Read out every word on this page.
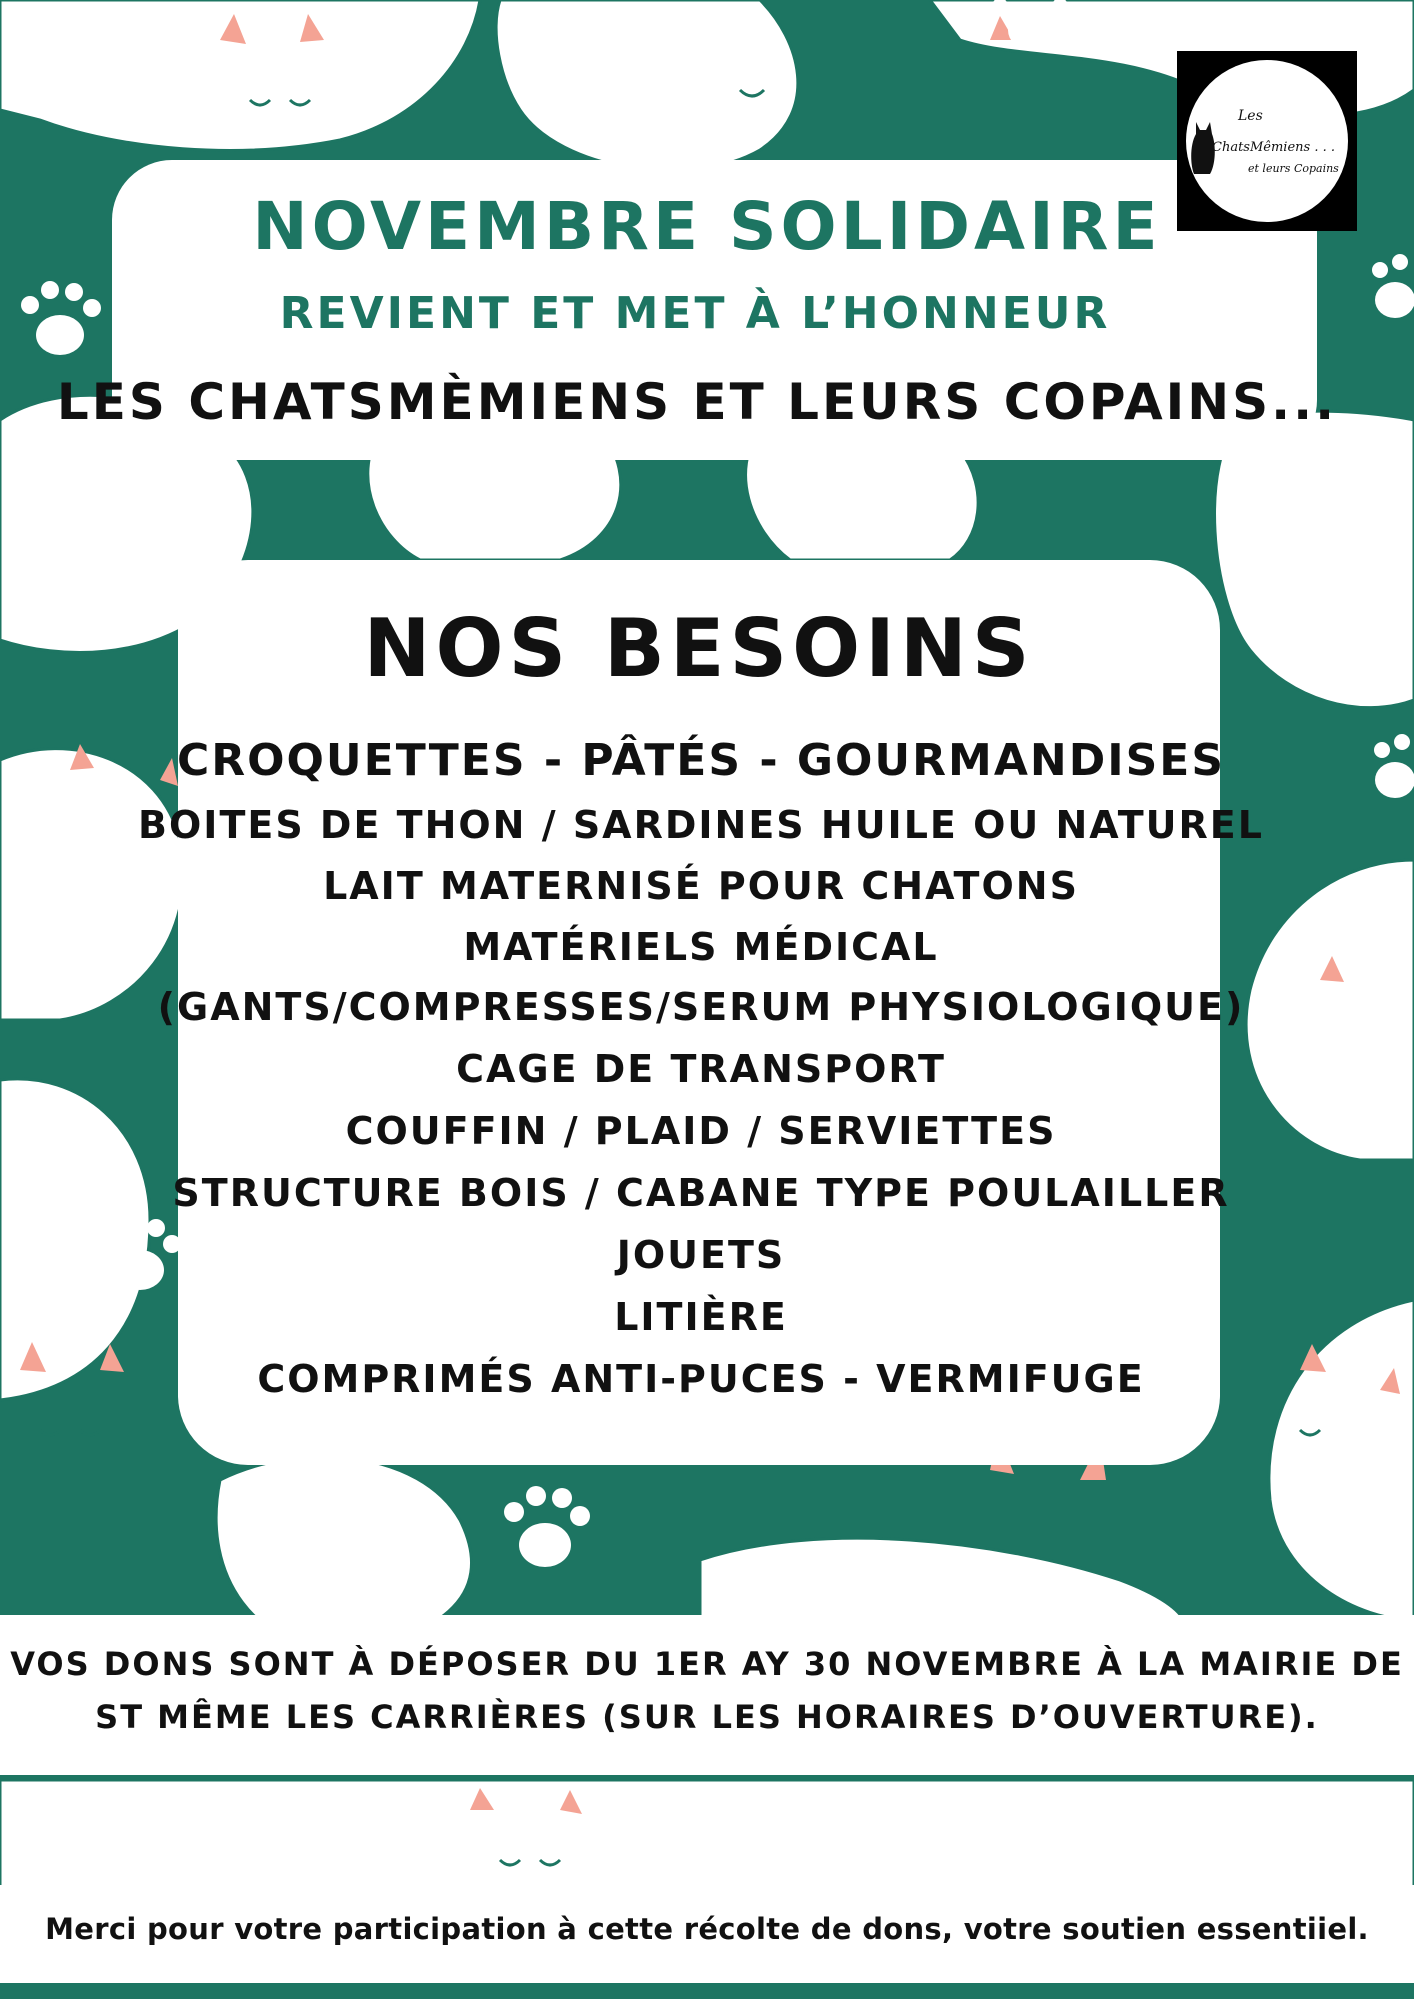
Les
ChatsMêmiens . . .
et leurs Copains
NOVEMBRE SOLIDAIRE
REVIENT ET MET À L’HONNEUR
LES CHATSMÈMIENS ET LEURS COPAINS...
NOS BESOINS

CROQUETTES - PÂTÉS - GOURMANDISES

BOITES DE THON / SARDINES HUILE OU NATUREL

LAIT MATERNISÉ POUR CHATONS

MATÉRIELS MÉDICAL

(GANTS/COMPRESSES/SERUM PHYSIOLOGIQUE)

CAGE DE TRANSPORT

COUFFIN / PLAID / SERVIETTES

STRUCTURE BOIS / CABANE TYPE POULAILLER

JOUETS

LITIÈRE

COMPRIMÉS ANTI-PUCES - VERMIFUGE

VOS DONS SONT À DÉPOSER DU 1ER AY 30 NOVEMBRE À LA MAIRIE DE

ST MÊME LES CARRIÈRES (SUR LES HORAIRES D’OUVERTURE).

Merci pour votre participation à cette récolte de dons, votre soutien essentiiel.
